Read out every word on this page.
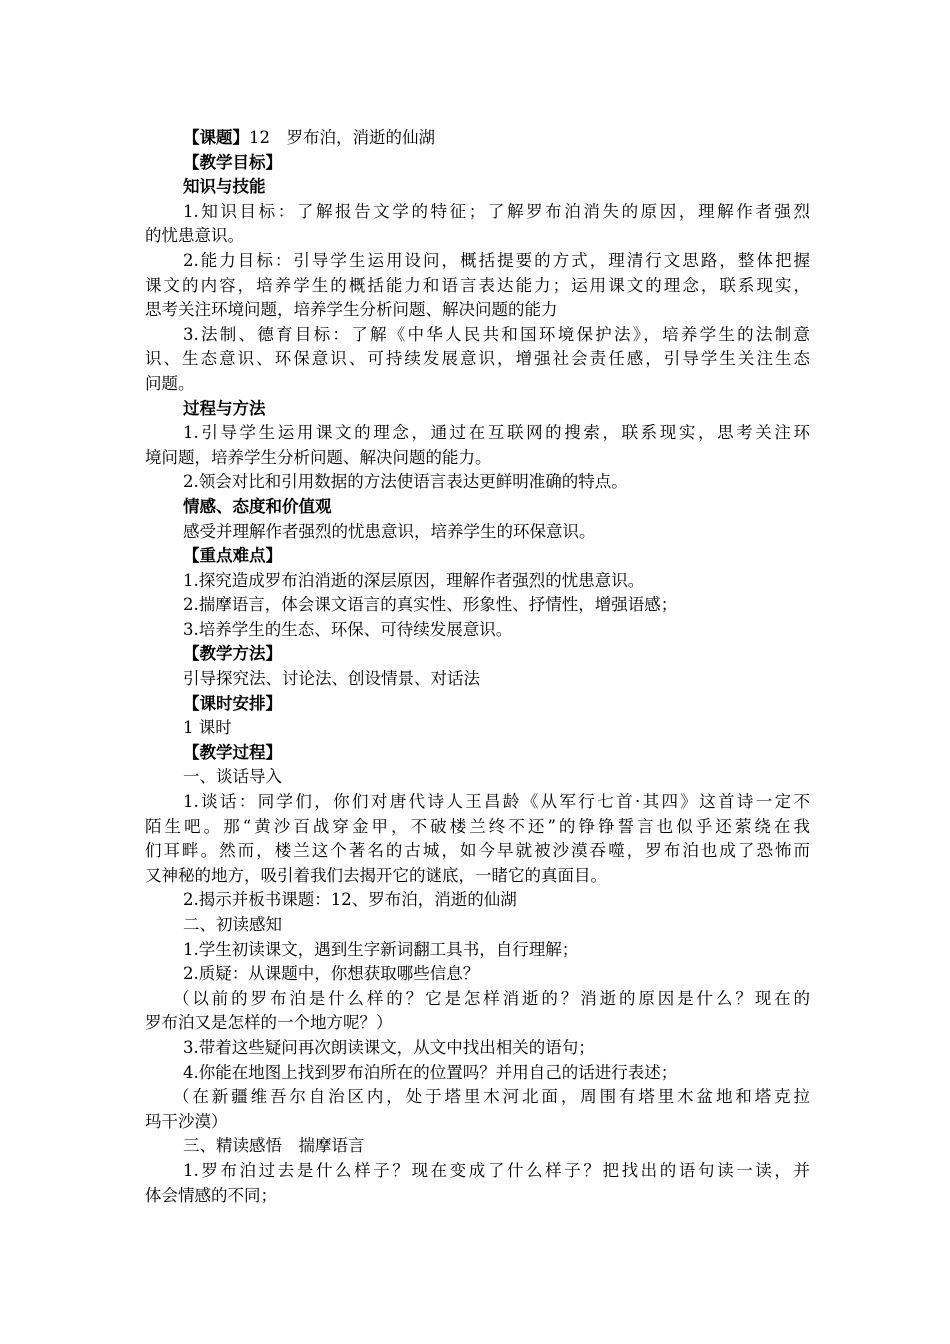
【课题】12　罗布泊，消逝的仙湖
【教学目标】
知识与技能
1.知识目标：了解报告文学的特征；了解罗布泊消失的原因，理解作者强烈
的忧患意识。
2.能力目标：引导学生运用设问，概括提要的方式，理清行文思路，整体把握
课文的内容，培养学生的概括能力和语言表达能力；运用课文的理念，联系现实，
思考关注环境问题，培养学生分析问题、解决问题的能力
3.法制、德育目标：了解《中华人民共和国环境保护法》，培养学生的法制意
识、生态意识、环保意识、可持续发展意识，增强社会责任感，引导学生关注生态
问题。
过程与方法
1.引导学生运用课文的理念，通过在互联网的搜索，联系现实，思考关注环
境问题，培养学生分析问题、解决问题的能力。
2.领会对比和引用数据的方法使语言表达更鲜明准确的特点。
情感、态度和价值观
感受并理解作者强烈的忧患意识，培养学生的环保意识。
【重点难点】
1.探究造成罗布泊消逝的深层原因，理解作者强烈的忧患意识。
2.揣摩语言，体会课文语言的真实性、形象性、抒情性，增强语感；
3.培养学生的生态、环保、可待续发展意识。
【教学方法】
引导探究法、讨论法、创设情景、对话法
【课时安排】
1 课时
【教学过程】
一、谈话导入
1.谈话：同学们，你们对唐代诗人王昌龄《从军行七首·其四》这首诗一定不
陌生吧。那“黄沙百战穿金甲，不破楼兰终不还”的铮铮誓言也似乎还萦绕在我
们耳畔。然而，楼兰这个著名的古城，如今早就被沙漠吞噬，罗布泊也成了恐怖而
又神秘的地方，吸引着我们去揭开它的谜底，一睹它的真面目。
2.揭示并板书课题：12、罗布泊，消逝的仙湖
二、初读感知
1.学生初读课文，遇到生字新词翻工具书，自行理解；
2.质疑：从课题中，你想获取哪些信息？
（以前的罗布泊是什么样的？它是怎样消逝的？消逝的原因是什么？现在的
罗布泊又是怎样的一个地方呢？）
3.带着这些疑问再次朗读课文，从文中找出相关的语句；
4.你能在地图上找到罗布泊所在的位置吗？并用自己的话进行表述；
（在新疆维吾尔自治区内，处于塔里木河北面，周围有塔里木盆地和塔克拉
玛干沙漠）
三、精读感悟　揣摩语言
1.罗布泊过去是什么样子？现在变成了什么样子？把找出的语句读一读，并
体会情感的不同；
